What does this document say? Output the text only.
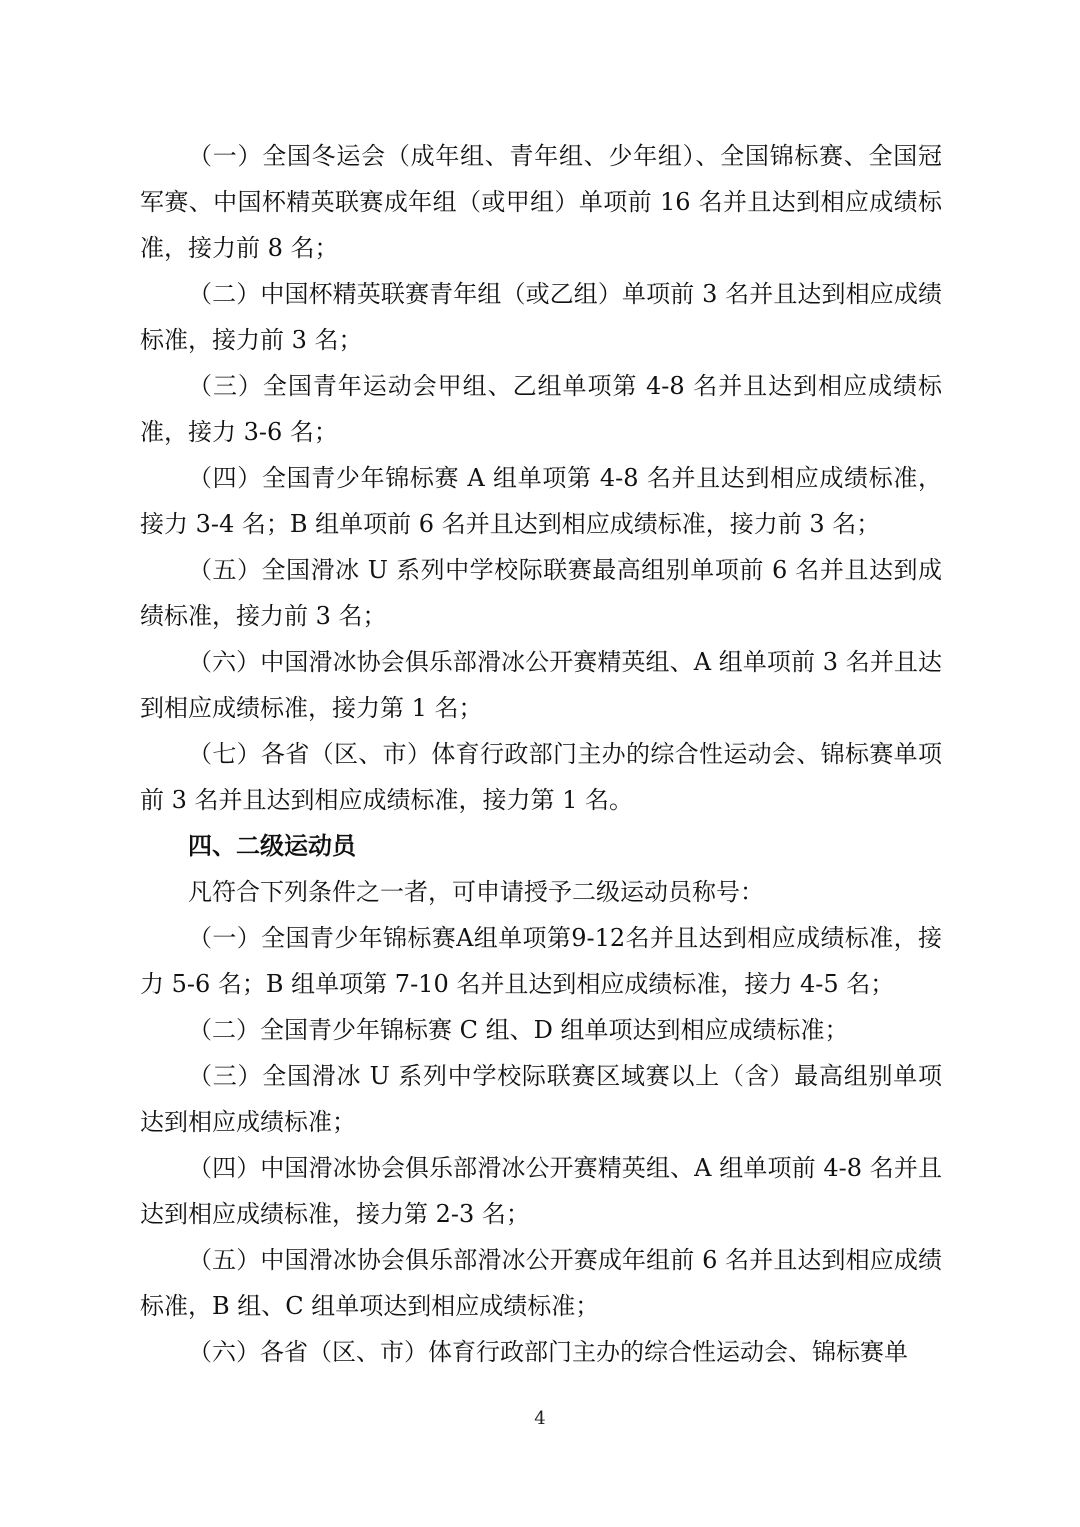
（一）全国冬运会（成年组、青年组、少年组）、全国锦标赛、全国冠军赛、中国杯精英联赛成年组（或甲组）单项前 16 名并且达到相应成绩标准，接力前 8 名；

（二）中国杯精英联赛青年组（或乙组）单项前 3 名并且达到相应成绩标准，接力前 3 名；

（三）全国青年运动会甲组、乙组单项第 4-8 名并且达到相应成绩标准，接力 3-6 名；

（四）全国青少年锦标赛 A 组单项第 4-8 名并且达到相应成绩标准，接力 3-4 名；B 组单项前 6 名并且达到相应成绩标准，接力前 3 名；

（五）全国滑冰 U 系列中学校际联赛最高组别单项前 6 名并且达到成绩标准，接力前 3 名；

（六）中国滑冰协会俱乐部滑冰公开赛精英组、A 组单项前 3 名并且达到相应成绩标准，接力第 1 名；

（七）各省（区、市）体育行政部门主办的综合性运动会、锦标赛单项前 3 名并且达到相应成绩标准，接力第 1 名。

四、二级运动员

凡符合下列条件之一者，可申请授予二级运动员称号：

（一）全国青少年锦标赛A组单项第9-12名并且达到相应成绩标准，接力 5-6 名；B 组单项第 7-10 名并且达到相应成绩标准，接力 4-5 名；

（二）全国青少年锦标赛 C 组、D 组单项达到相应成绩标准；

（三）全国滑冰 U 系列中学校际联赛区域赛以上（含）最高组别单项达到相应成绩标准；

（四）中国滑冰协会俱乐部滑冰公开赛精英组、A 组单项前 4-8 名并且达到相应成绩标准，接力第 2-3 名；

（五）中国滑冰协会俱乐部滑冰公开赛成年组前 6 名并且达到相应成绩标准，B 组、C 组单项达到相应成绩标准；

（六）各省（区、市）体育行政部门主办的综合性运动会、锦标赛单

4
